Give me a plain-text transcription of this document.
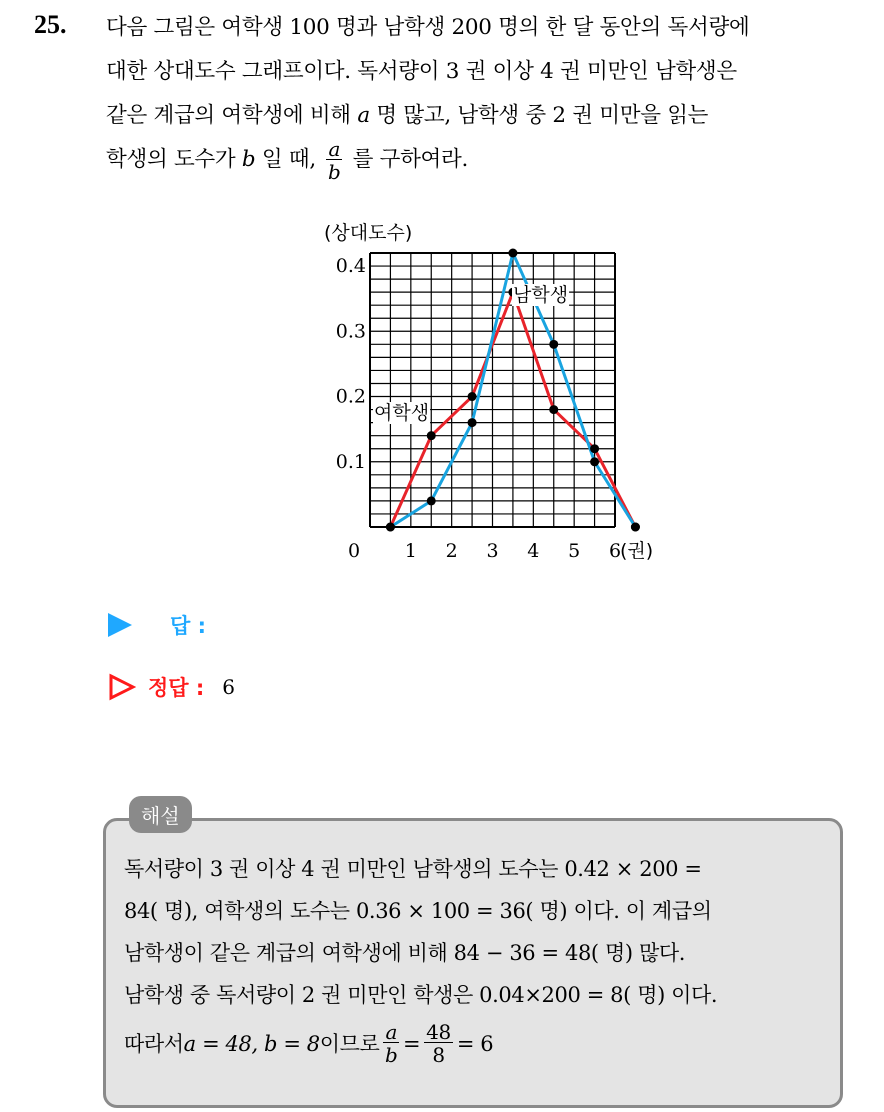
25. 다음 그림은 여학생 100 명과 남학생 200 명의 한 달 동안의 독서량에
대한 상대도수 그래프이다. 독서량이 3 권 이상 4 권 미만인 남학생은
같은 계급의 여학생에 비해 a 명 많고, 남학생 중 2 권 미만을 읽는
학생의 도수가 b 일 때, $\frac{a}{b}$ 를 구하여라.
(상대도수)
0 1 2 3 4 5 6
(권)
0.1
0.2
0.3
0.4
여학생
남학생
답 :
정답 : 6
해설
독서량이 3 권 이상 4 권 미만인 남학생의 도수는 0.42 × 200 =
84( 명), 여학생의 도수는 0.36 × 100 = 36( 명) 이다. 이 계급의
남학생이 같은 계급의 여학생에 비해 84 − 36 = 48( 명) 많다.
남학생 중 독서량이 2 권 미만인 학생은 0.04×200 = 8( 명) 이다.
따라서 a = 48, b = 8 이므로 $\frac{a}{b} = \frac{48}{8} = 6$
